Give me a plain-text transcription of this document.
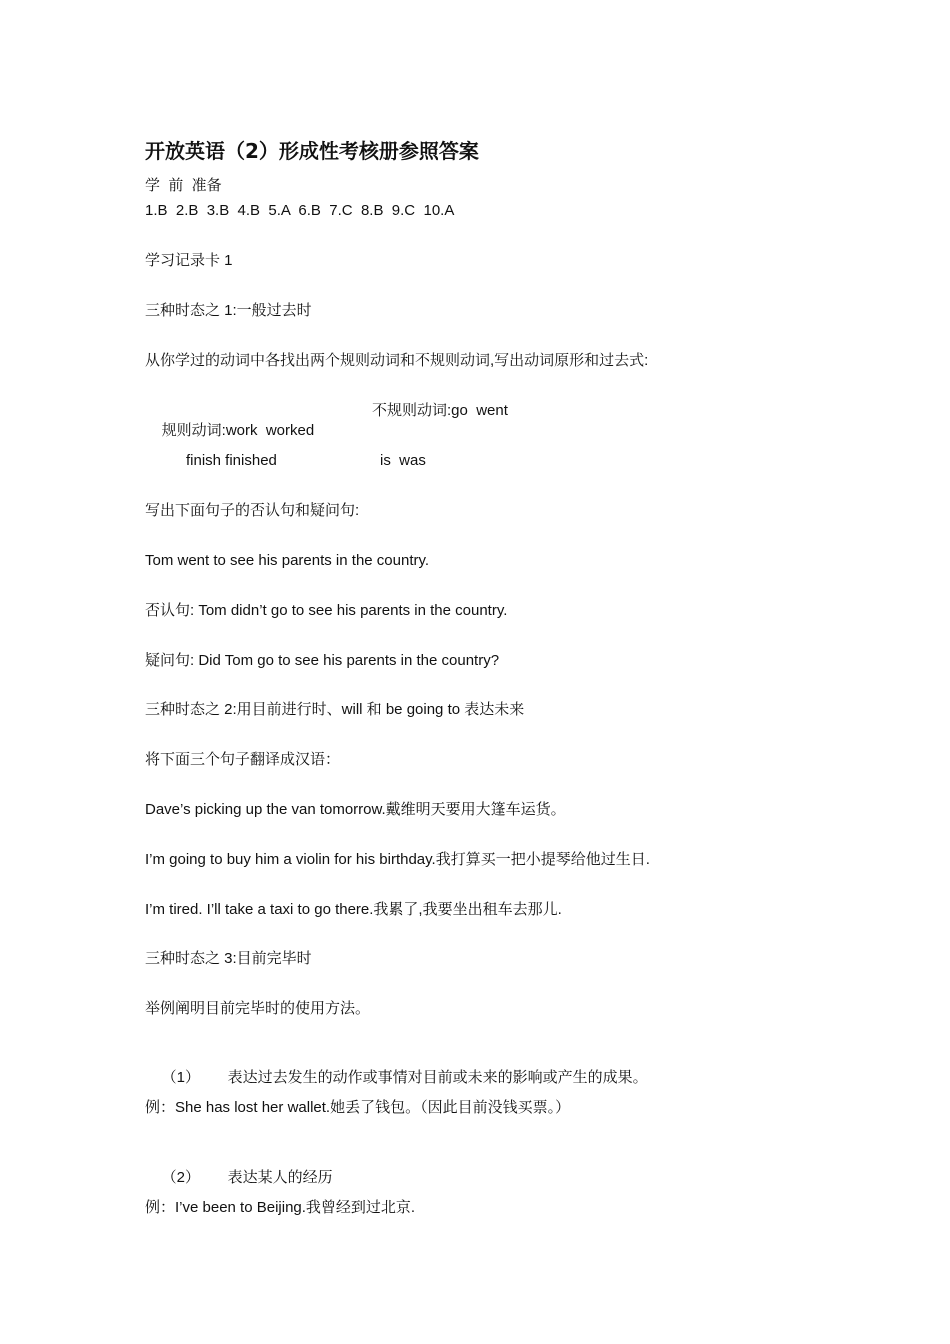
开放英语（2）形成性考核册参照答案
学  前  准备
1.B  2.B  3.B  4.B  5.A  6.B  7.C  8.B  9.C  10.A
学习记录卡 1
三种时态之 1:一般过去时
从你学过的动词中各找出两个规则动词和不规则动词,写出动词原形和过去式:

规则动词:work  worked

不规则动词:go  went
finish finished	is  was
写出下面句子的否认句和疑问句:
Tom went to see his parents in the country.
否认句: Tom didn’t go to see his parents in the country.
疑问句: Did Tom go to see his parents in the country?
三种时态之 2:用目前进行时、will 和 be going to 表达未来
将下面三个句子翻译成汉语：
Dave’s picking up the van tomorrow.戴维明天要用大篷车运货。
I’m going to buy him a violin for his birthday.我打算买一把小提琴给他过生日.
I’m tired. I’ll take a taxi to go there.我累了,我要坐出租车去那儿.
三种时态之 3:目前完毕时
举例阐明目前完毕时的使用方法。

（1） 表达过去发生的动作或事情对目前或未来的影响或产生的成果。

例：She has lost her wallet.她丢了钱包。（因此目前没钱买票。）

（2） 表达某人的经历

例：I’ve been to Beijing.我曾经到过北京.
